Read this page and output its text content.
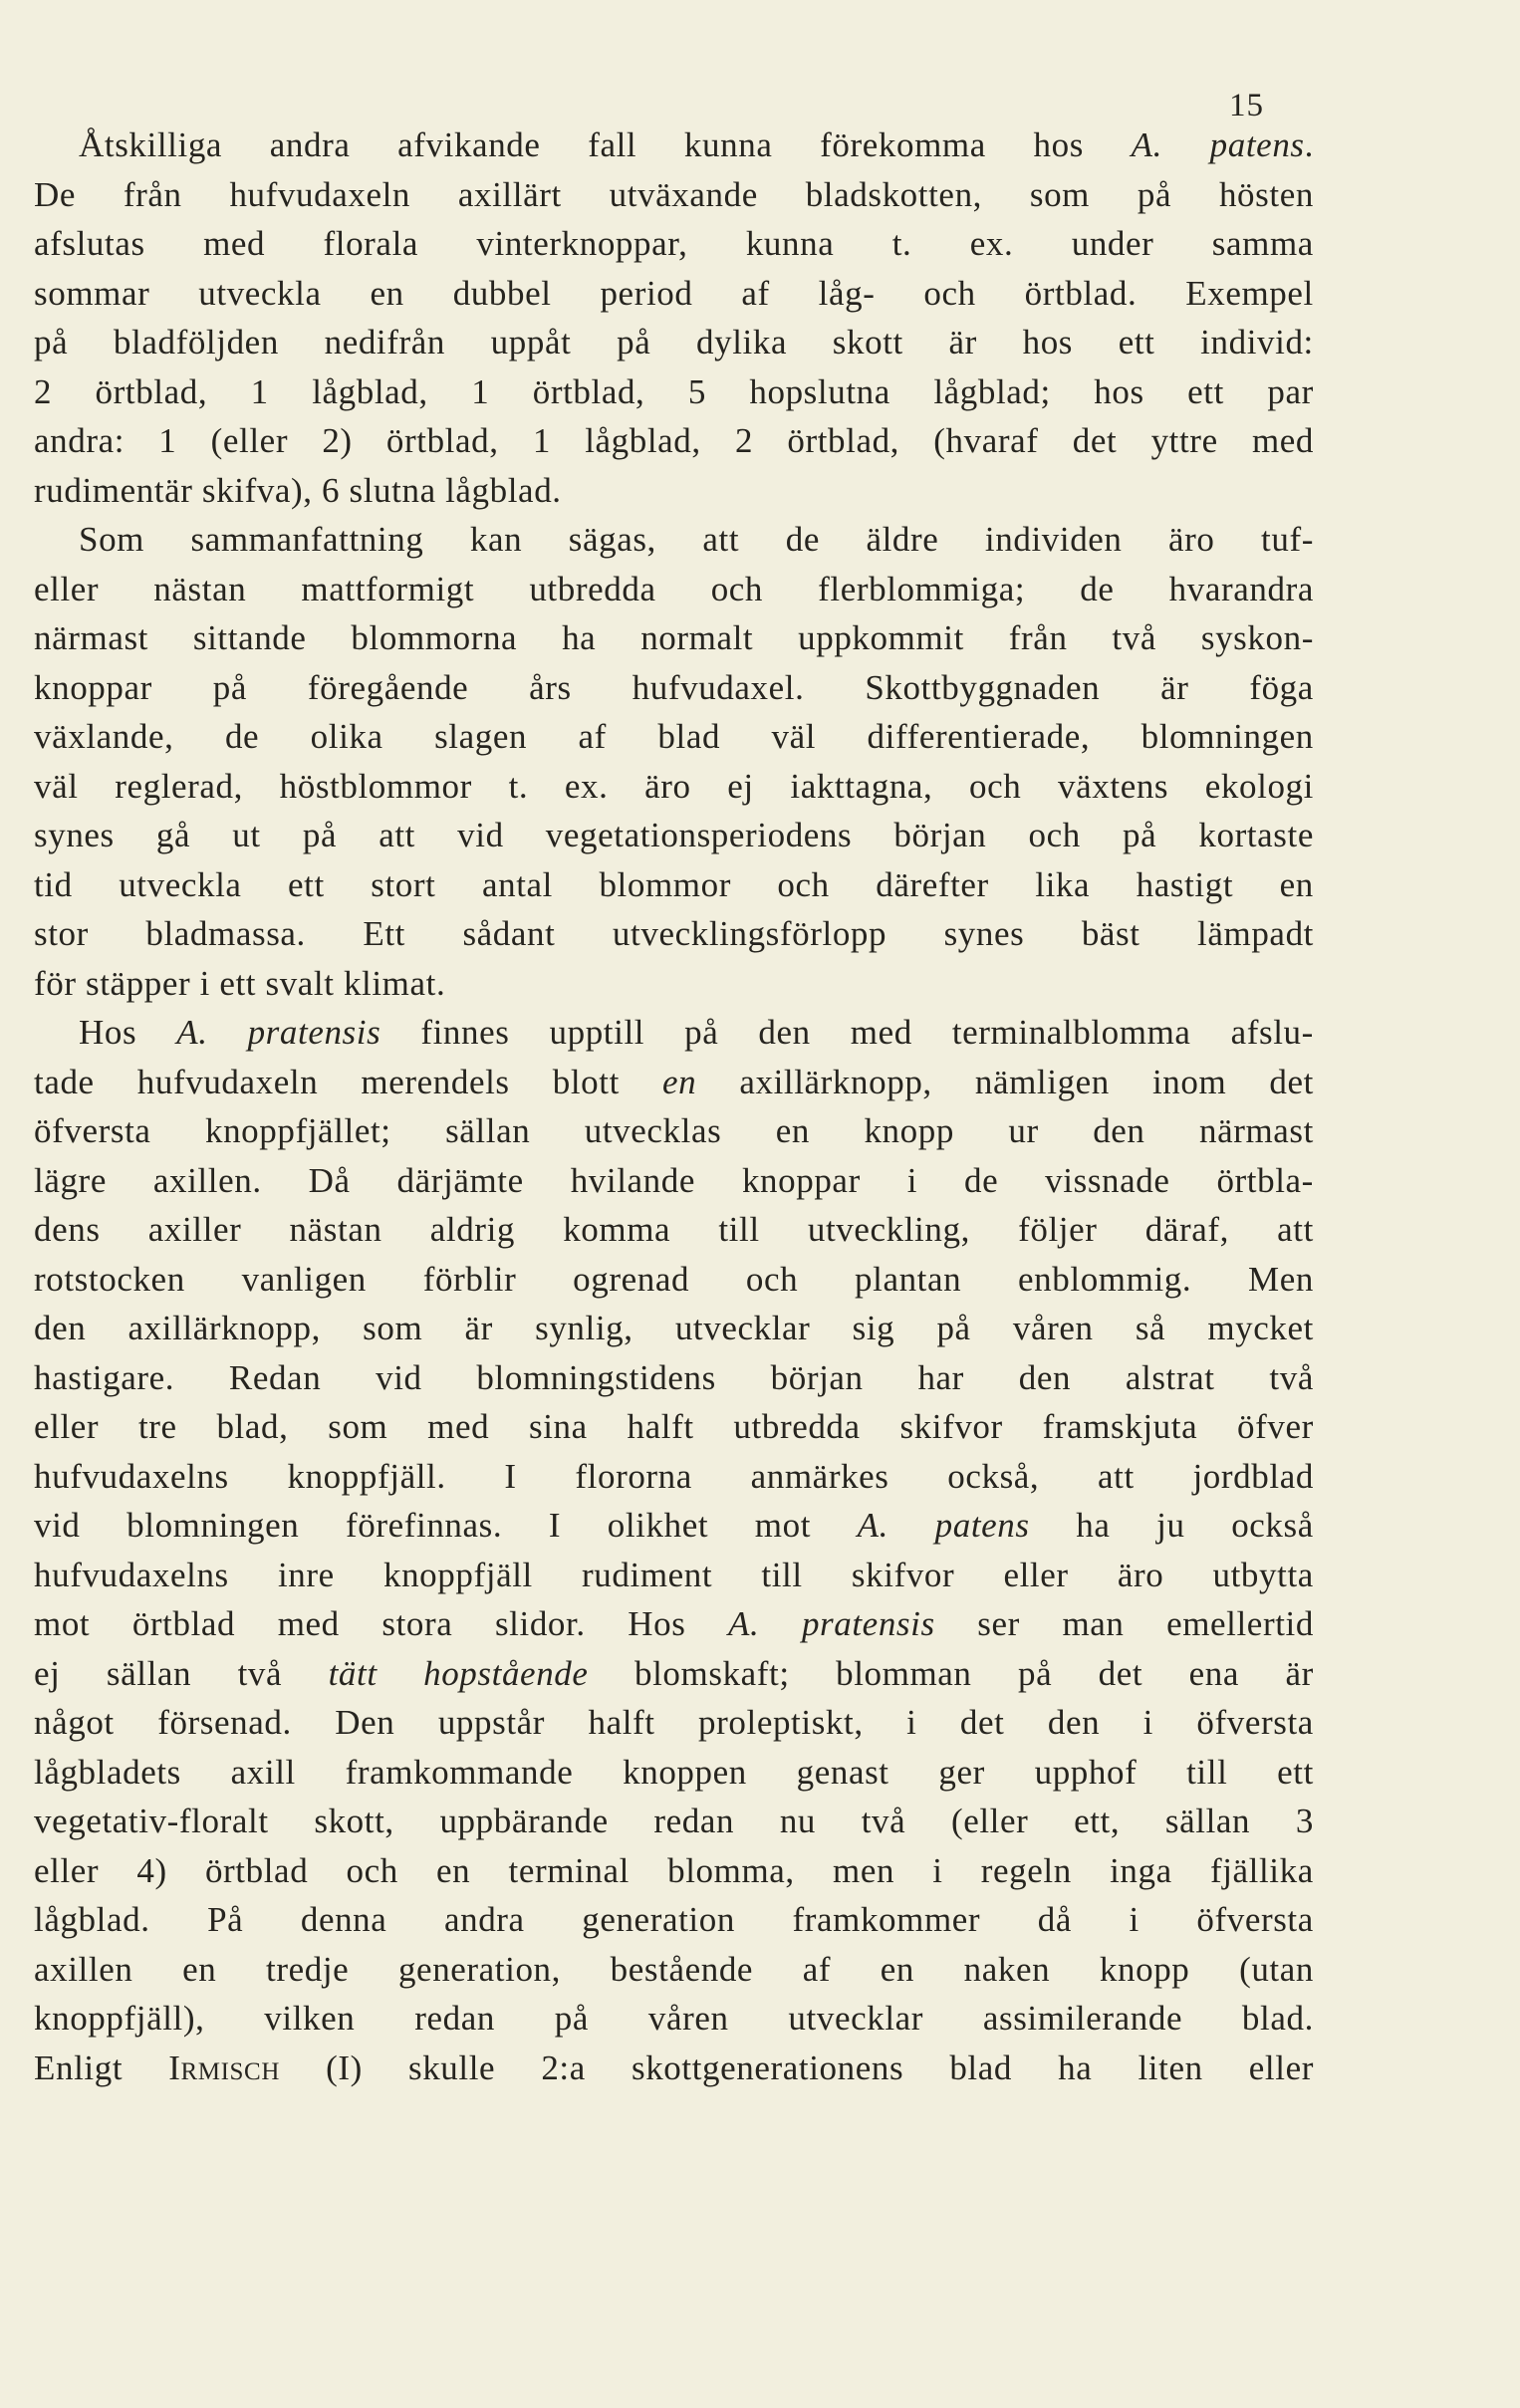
15
Åtskilliga andra afvikande fall kunna förekomma hos A. patens.
De från hufvudaxeln axillärt utväxande bladskotten, som på hösten
afslutas med florala vinterknoppar, kunna t. ex. under samma
sommar utveckla en dubbel period af låg- och örtblad. Exempel
på bladföljden nedifrån uppåt på dylika skott är hos ett individ:
2 örtblad, 1 lågblad, 1 örtblad, 5 hopslutna lågblad; hos ett par
andra: 1 (eller 2) örtblad, 1 lågblad, 2 örtblad, (hvaraf det yttre med
rudimentär
skifva),
6
slutna
lågblad.
Som sammanfattning kan sägas, att de äldre individen äro tuf-
eller nästan mattformigt utbredda och flerblommiga; de hvarandra
närmast sittande blommorna ha normalt uppkommit från två syskon-
knoppar på föregående års hufvudaxel. Skottbyggnaden är föga
växlande, de olika slagen af blad väl differentierade, blomningen
väl reglerad, höstblommor t. ex. äro ej iakttagna, och växtens ekologi
synes gå ut på att vid vegetationsperiodens början och på kortaste
tid utveckla ett stort antal blommor och därefter lika hastigt en
stor bladmassa. Ett sådant utvecklingsförlopp synes bäst lämpadt
för
stäpper
i
ett
svalt
klimat.
Hos A. pratensis finnes upptill på den med terminalblomma afslu-
tade hufvudaxeln merendels blott en axillärknopp, nämligen inom det
öfversta knoppfjället; sällan utvecklas en knopp ur den närmast
lägre axillen. Då därjämte hvilande knoppar i de vissnade örtbla-
dens axiller nästan aldrig komma till utveckling, följer däraf, att
rotstocken vanligen förblir ogrenad och plantan enblommig. Men
den axillärknopp, som är synlig, utvecklar sig på våren så mycket
hastigare. Redan vid blomningstidens början har den alstrat två
eller tre blad, som med sina halft utbredda skifvor framskjuta öfver
hufvudaxelns knoppfjäll. I flororna anmärkes också, att jordblad
vid blomningen förefinnas. I olikhet mot A. patens ha ju också
hufvudaxelns inre knoppfjäll rudiment till skifvor eller äro utbytta
mot örtblad med stora slidor. Hos A. pratensis ser man emellertid
ej sällan två tätt hopstående blomskaft; blomman på det ena är
något försenad. Den uppstår halft proleptiskt, i det den i öfversta
lågbladets axill framkommande knoppen genast ger upphof till ett
vegetativ-floralt skott, uppbärande redan nu två (eller ett, sällan 3
eller 4) örtblad och en terminal blomma, men i regeln inga fjällika
lågblad. På denna andra generation framkommer då i öfversta
axillen en tredje generation, bestående af en naken knopp (utan
knoppfjäll), vilken redan på våren utvecklar assimilerande blad.
Enligt Irmisch (I) skulle 2:a skottgenerationens blad ha liten eller
